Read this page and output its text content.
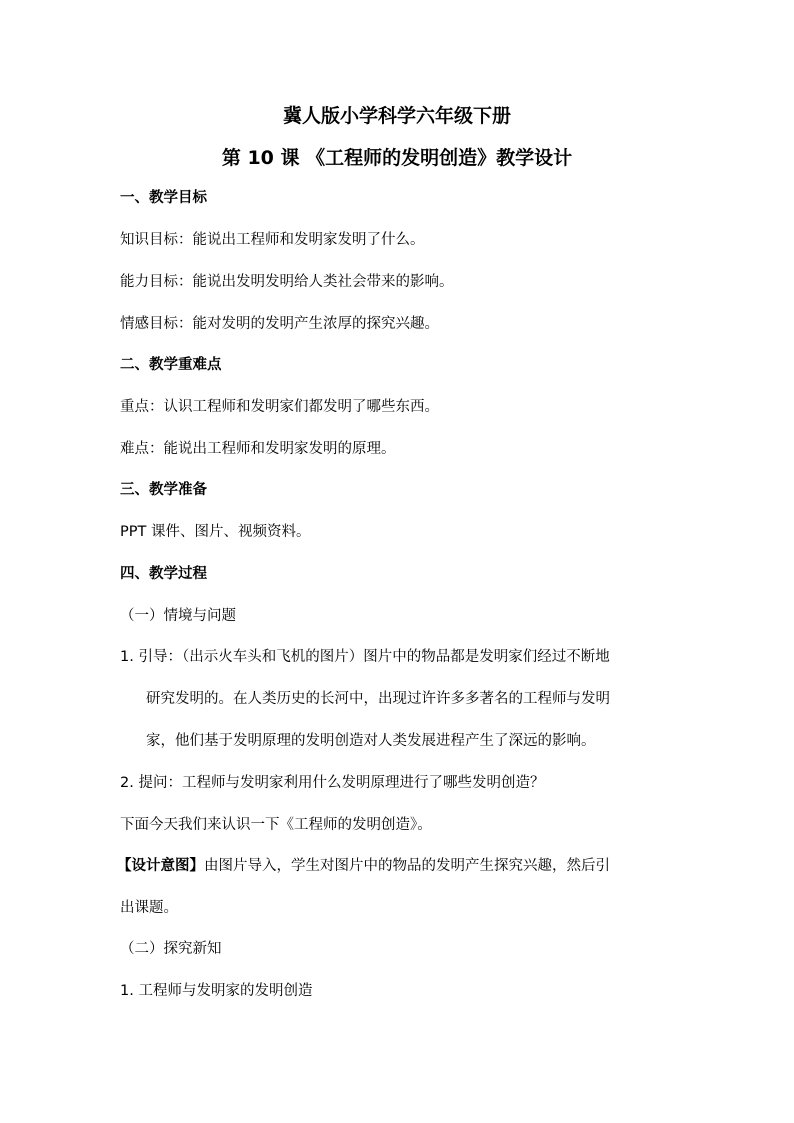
冀人版小学科学六年级下册
第 10 课 《工程师的发明创造》教学设计
一、教学目标
知识目标：能说出工程师和发明家发明了什么。
能力目标：能说出发明发明给人类社会带来的影响。
情感目标：能对发明的发明产生浓厚的探究兴趣。
二、教学重难点
重点：认识工程师和发明家们都发明了哪些东西。
难点：能说出工程师和发明家发明的原理。
三、教学准备
PPT 课件、图片、视频资料。
四、教学过程
（一）情境与问题
1. 引导：（出示火车头和飞机的图片）图片中的物品都是发明家们经过不断地
研究发明的。在人类历史的长河中，出现过许许多多著名的工程师与发明
家，他们基于发明原理的发明创造对人类发展进程产生了深远的影响。
2. 提问：工程师与发明家利用什么发明原理进行了哪些发明创造？
下面今天我们来认识一下《工程师的发明创造》。
【设计意图】由图片导入，学生对图片中的物品的发明产生探究兴趣，然后引
出课题。
（二）探究新知
1. 工程师与发明家的发明创造
